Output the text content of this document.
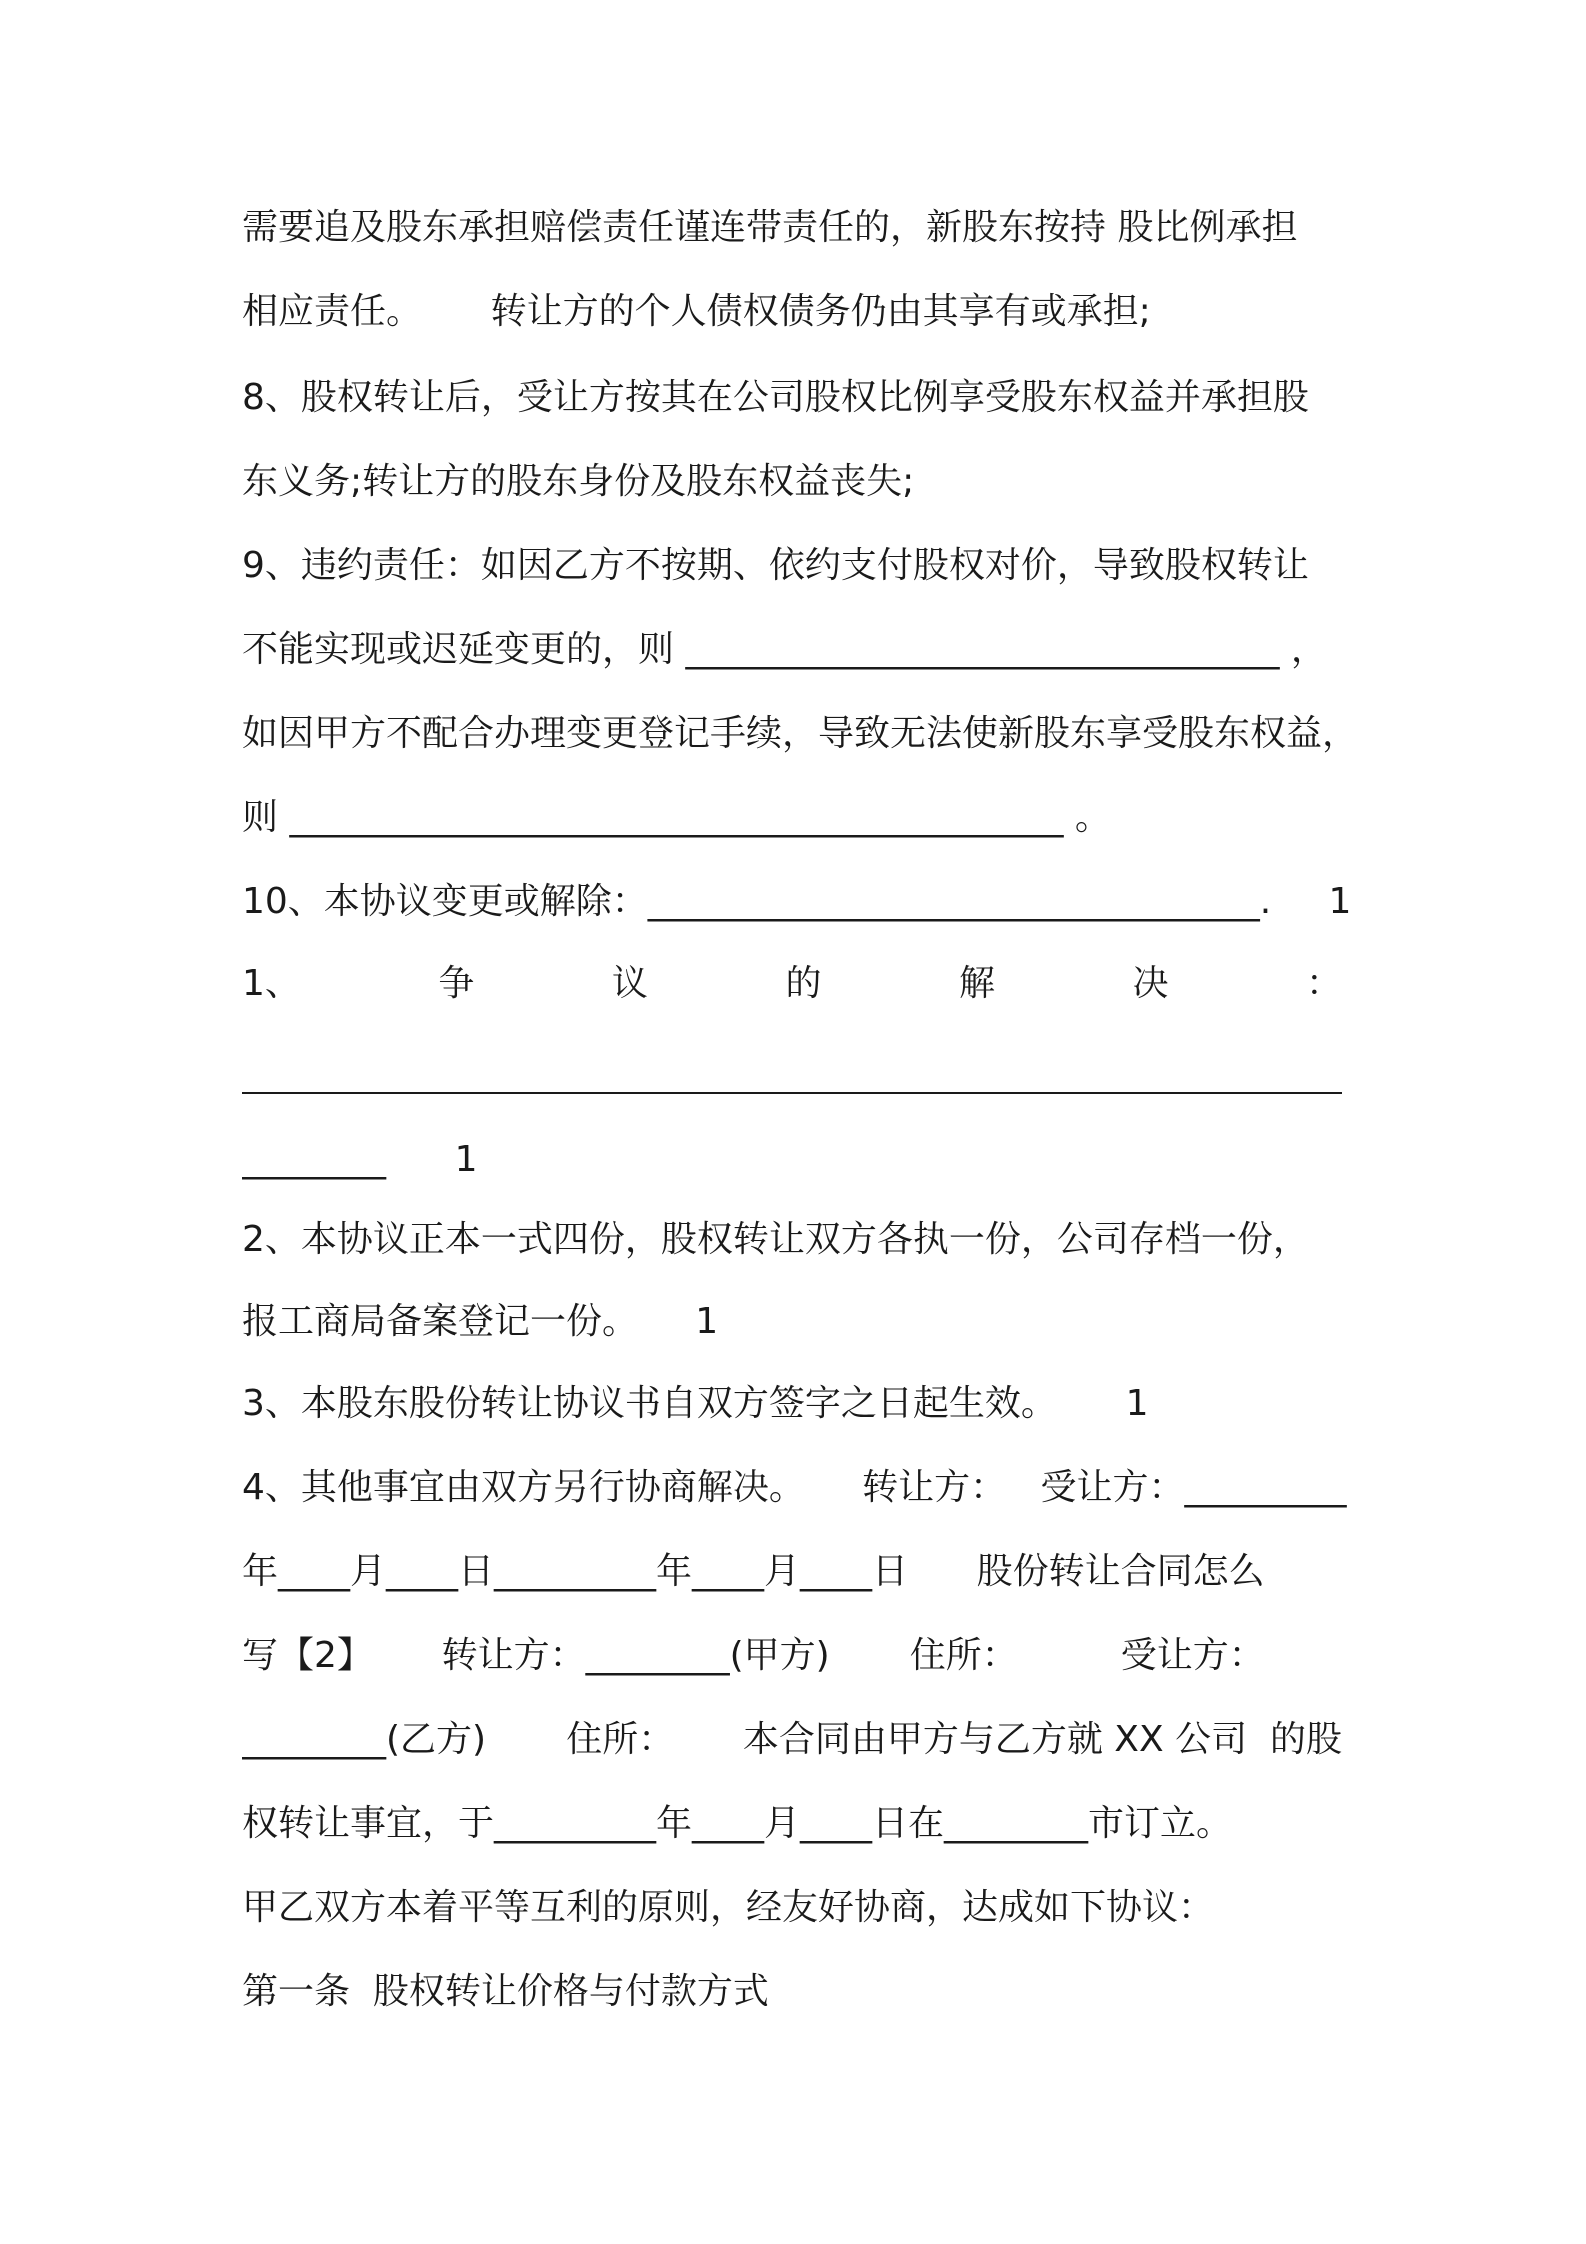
需要追及股东承担赔偿责任谨连带责任的，新股东按持 股比例承担
相应责任。      转让方的个人债权债务仍由其享有或承担;
8、股权转让后，受让方按其在公司股权比例享受股东权益并承担股
东义务;转让方的股东身份及股东权益丧失;
9、违约责任：如因乙方不按期、依约支付股权对价，导致股权转让
不能实现或迟延变更的，则 _________________________________ ，
如因甲方不配合办理变更登记手续，导致无法使新股东享受股东权益，
则 ___________________________________________ 。
10、本协议变更或解除：__________________________________.     1
1、	争	议	的	解	决	：
________      1
2、本协议正本一式四份，股权转让双方各执一份，公司存档一份，
报工商局备案登记一份。     1
3、本股东股份转让协议书自双方签字之日起生效。      1
4、其他事宜由双方另行协商解决。     转让方：   受让方：_________
年____月____日_________年____月____日      股份转让合同怎么
写【2】      转让方：________(甲方)       住所：         受让方：
________(乙方)       住所：      本合同由甲方与乙方就 XX 公司  的股
权转让事宜，于_________年____月____日在________市订立。
甲乙双方本着平等互利的原则，经友好协商，达成如下协议：
第一条  股权转让价格与付款方式
